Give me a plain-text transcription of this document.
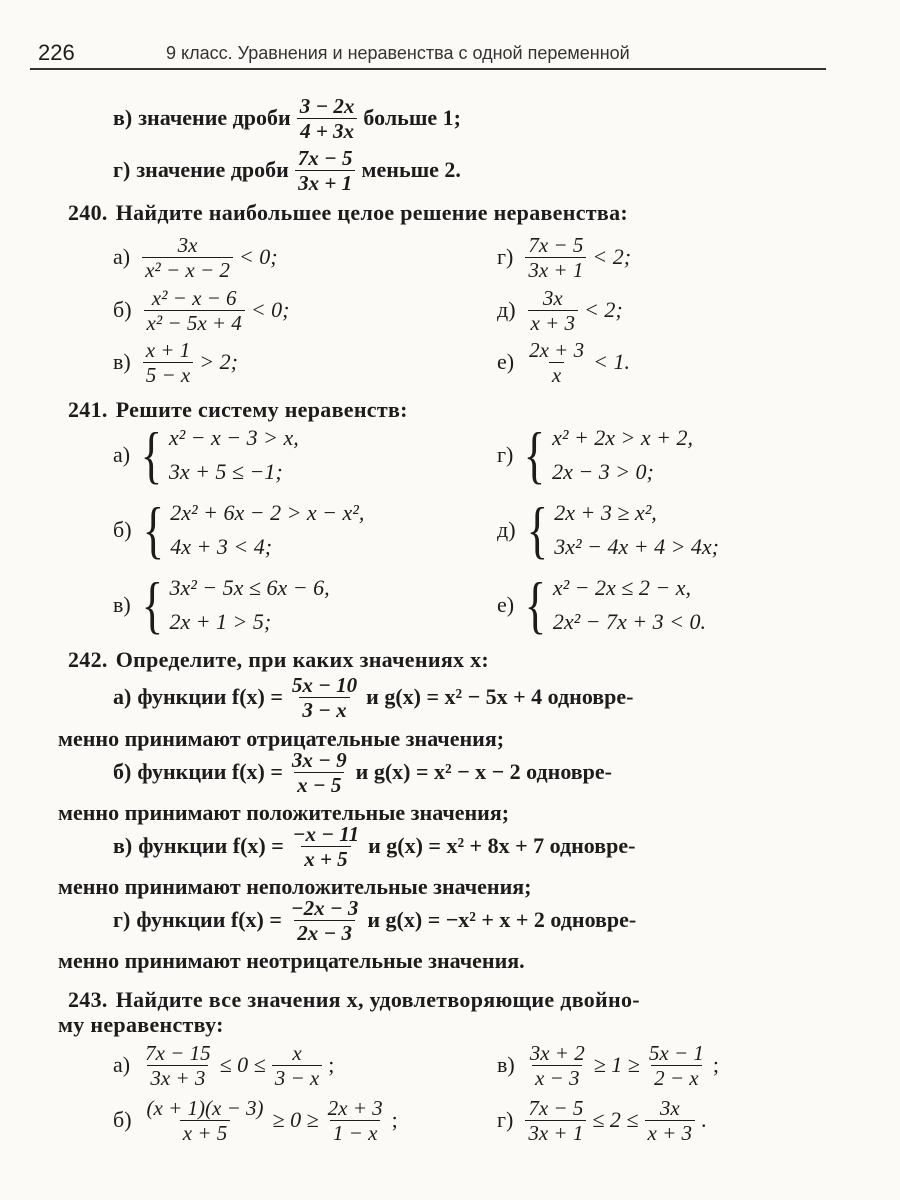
226	9 класс. Уравнения и неравенства с одной переменной
в) значение дроби $\frac{3 - 2x}{4 + 3x}$ больше 1;
г) значение дроби $\frac{7x - 5}{3x + 1}$ меньше 2.
240. Найдите наибольшее целое решение неравенства:
$а) \frac{3x}{\text{x² − x − 2}} < 0$;
$б) \frac{\text{x² − x − 6}}{\text{x² − 5x + 4}} < 0$;
$в) \frac{x + 1}{5 - x} > 2$;
$г) \frac{7x - 5}{3x + 1} < 2$;
$д) \frac{3x}{x + 3} < 2$;
$е) \frac{2x + 3}{x} < 1$.
241. Решите систему неравенств:
а) { x² − x − 3 > x,
3x + 5 ≤ −1;
б) { 2x² + 6x − 2 > x − x²,
4x + 3 < 4;
в) { 3x² − 5x ≤ 6x − 6,
2x + 1 > 5;
г) { x² + 2x > x + 2,
2x − 3 > 0;
д) { 2x + 3 ≥ x²,
3x² − 4x + 4 > 4x;
е) { x² − 2x ≤ 2 − x,
2x² − 7x + 3 < 0.
242. Определите, при каких значениях x:
а) функции $f(x) = \frac{5x - 10}{3 - x}$ и g(x) = x² − 5x + 4 одновре-
менно принимают отрицательные значения;
б) функции $f(x) = \frac{3x - 9}{x - 5}$ и g(x) = x² − x − 2 одновре-
менно принимают положительные значения;
в) функции $f(x) = \frac{-x - 11}{x + 5}$ и g(x) = x² + 8x + 7 одновре-
менно принимают неположительные значения;
г) функции $f(x) = \frac{-2x - 3}{2x - 3}$ и g(x) = −x² + x + 2 одновре-
менно принимают неотрицательные значения.
243. Найдите все значения x, удовлетворяющие двойно-
му неравенству:
$а) \frac{7x - 15}{3x + 3} \le 0 \le \frac{x}{3 - x}$ ;
$б) \frac{(x + 1)(x - 3)}{x + 5} \ge 0 \ge \frac{2x + 3}{1 - x}$ ;
$в) \frac{3x + 2}{x - 3} \ge 1 \ge \frac{5x - 1}{2 - x}$ ;
$г) \frac{7x - 5}{3x + 1} \le 2 \le \frac{3x}{x + 3}$ .
